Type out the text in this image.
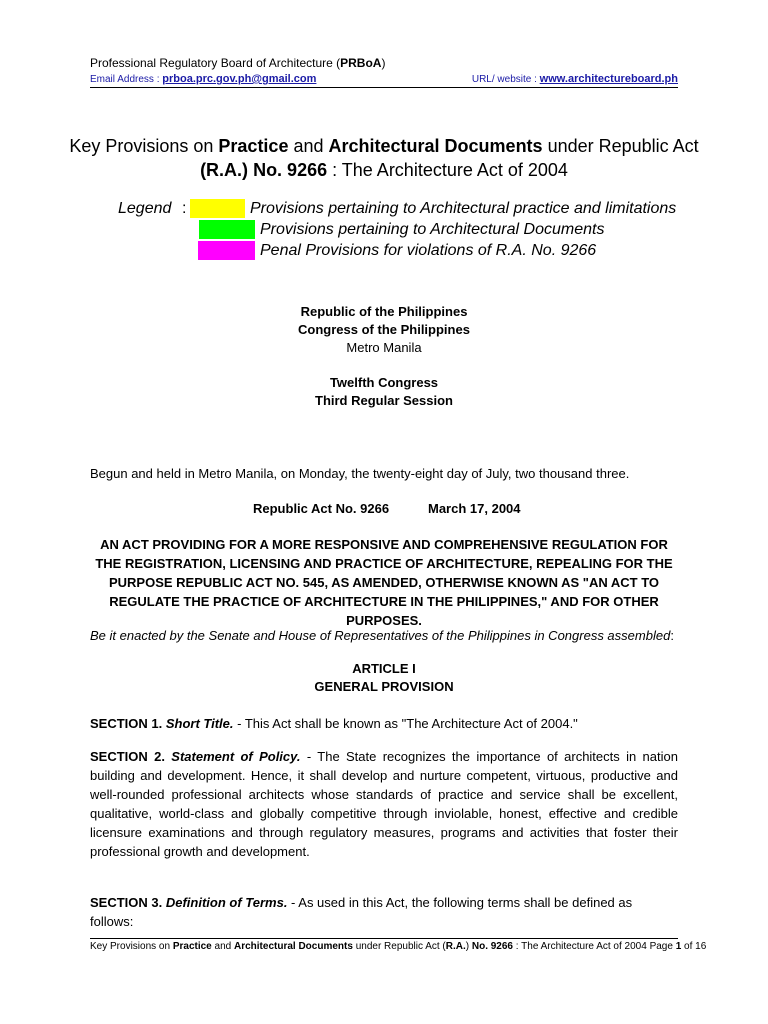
Professional Regulatory Board of Architecture (PRBoA)
Email Address : prboa.prc.gov.ph@gmail.com	URL/ website : www.architectureboard.ph
Key Provisions on Practice and Architectural Documents under Republic Act
(R.A.) No. 9266 : The Architecture Act of 2004
Legend :	Provisions pertaining to Architectural practice and limitations
Provisions pertaining to Architectural Documents
Penal Provisions for violations of R.A. No. 9266
Republic of the Philippines
Congress of the Philippines
Metro Manila
Twelfth Congress
Third Regular Session
Begun and held in Metro Manila, on Monday, the twenty-eight day of July, two thousand three.
Republic Act No. 9266	March 17, 2004
AN ACT PROVIDING FOR A MORE RESPONSIVE AND COMPREHENSIVE REGULATION FOR THE REGISTRATION, LICENSING AND PRACTICE OF ARCHITECTURE, REPEALING FOR THE PURPOSE REPUBLIC ACT NO. 545, AS AMENDED, OTHERWISE KNOWN AS "AN ACT TO REGULATE THE PRACTICE OF ARCHITECTURE IN THE PHILIPPINES," AND FOR OTHER PURPOSES.
Be it enacted by the Senate and House of Representatives of the Philippines in Congress assembled:
ARTICLE I
GENERAL PROVISION
SECTION 1. Short Title. - This Act shall be known as "The Architecture Act of 2004."
SECTION 2. Statement of Policy. - The State recognizes the importance of architects in nation building and development. Hence, it shall develop and nurture competent, virtuous, productive and well-rounded professional architects whose standards of practice and service shall be excellent, qualitative, world-class and globally competitive through inviolable, honest, effective and credible licensure examinations and through regulatory measures, programs and activities that foster their professional growth and development.
SECTION 3. Definition of Terms. - As used in this Act, the following terms shall be defined as follows:
Key Provisions on Practice and Architectural Documents under Republic Act (R.A.) No. 9266 : The Architecture Act of 2004 Page 1 of 16
